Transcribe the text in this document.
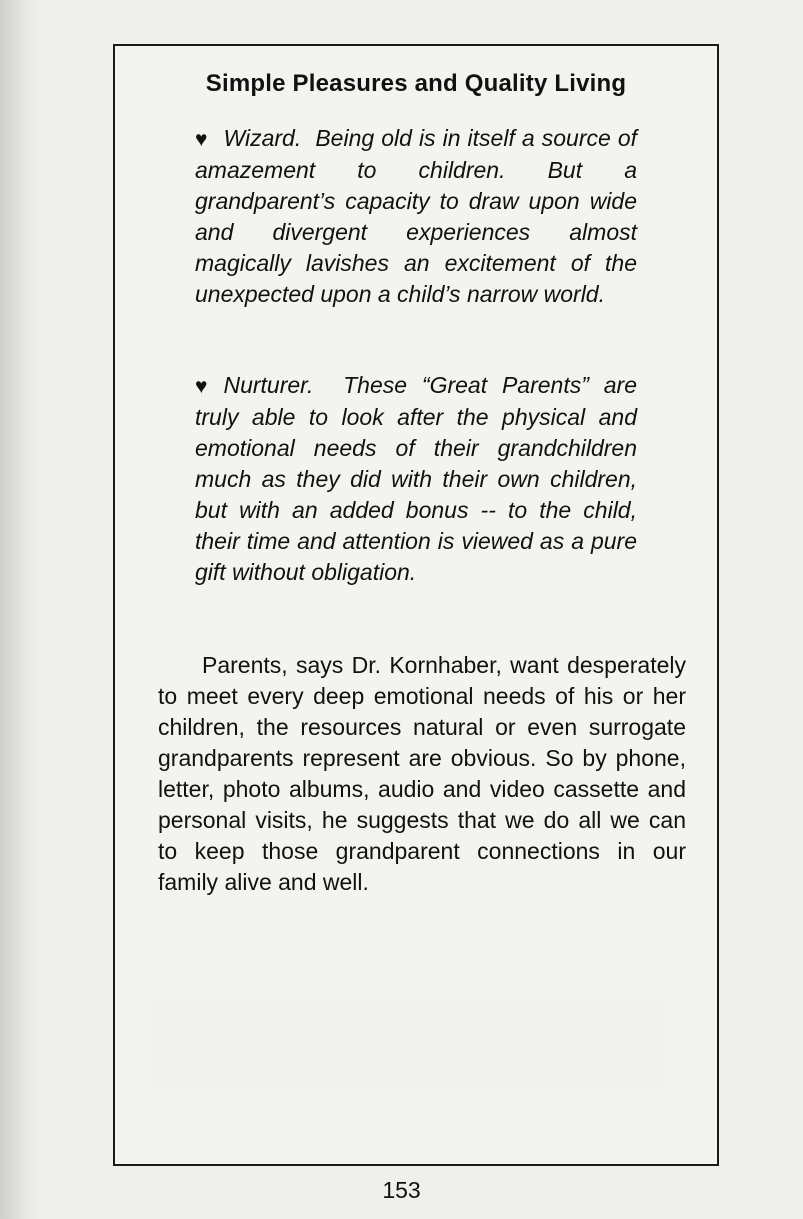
Simple Pleasures and Quality Living
♥ Wizard. Being old is in itself a source of amazement to children. But a grandparent’s capacity to draw upon wide and divergent experiences almost magically lavishes an excitement of the unexpected upon a child’s narrow world.
♥ Nurturer. These “Great Parents” are truly able to look after the physical and emotional needs of their grandchildren much as they did with their own children, but with an added bonus -- to the child, their time and attention is viewed as a pure gift without obligation.
Parents, says Dr. Kornhaber, want desperately to meet every deep emotional needs of his or her children, the resources natural or even surrogate grandparents represent are obvious. So by phone, letter, photo albums, audio and video cassette and personal visits, he suggests that we do all we can to keep those grandparent connections in our family alive and well.
153
